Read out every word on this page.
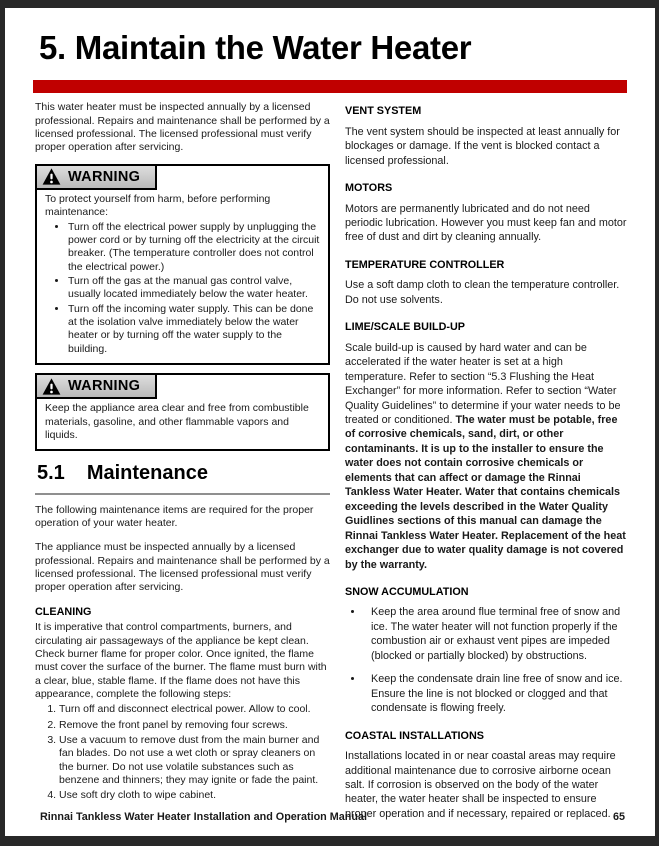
5. Maintain the Water Heater

This water heater must be inspected annually by a licensed professional. Repairs and maintenance shall be performed by a licensed professional. The licensed professional must verify proper operation after servicing.

WARNING

To protect yourself from harm, before performing maintenance:

• Turn off the electrical power supply by unplugging the power cord or by turning off the electricity at the circuit breaker. (The temperature controller does not control the electrical power.)
• Turn off the gas at the manual gas control valve, usually located immediately below the water heater.
• Turn off the incoming water supply. This can be done at the isolation valve immediately below the water heater or by turning off the water supply to the building.
WARNING

Keep the appliance area clear and free from combustible materials, gasoline, and other flammable vapors and liquids.

5.1 Maintenance

The following maintenance items are required for the proper operation of your water heater.

The appliance must be inspected annually by a licensed professional. Repairs and maintenance shall be performed by a licensed professional. The licensed professional must verify proper operation after servicing.

CLEANING

It is imperative that control compartments, burners, and circulating air passageways of the appliance be kept clean. Check burner flame for proper color. Once ignited, the flame must cover the surface of the burner. The flame must burn with a clear, blue, stable flame. If the flame does not have this appearance, complete the following steps:

1. Turn off and disconnect electrical power. Allow to cool.
2. Remove the front panel by removing four screws.
3. Use a vacuum to remove dust from the main burner and fan blades. Do not use a wet cloth or spray cleaners on the burner. Do not use volatile substances such as benzene and thinners; they may ignite or fade the paint.
4. Use soft dry cloth to wipe cabinet.

VENT SYSTEM

The vent system should be inspected at least annually for blockages or damage. If the vent is blocked contact a licensed professional.

MOTORS

Motors are permanently lubricated and do not need periodic lubrication. However you must keep fan and motor free of dust and dirt by cleaning annually.

TEMPERATURE CONTROLLER

Use a soft damp cloth to clean the temperature controller. Do not use solvents.

LIME/SCALE BUILD-UP

Scale build-up is caused by hard water and can be accelerated if the water heater is set at a high temperature. Refer to section “5.3 Flushing the Heat Exchanger” for more information. Refer to section “Water Quality Guidelines” to determine if your water needs to be treated or conditioned. The water must be potable, free of corrosive chemicals, sand, dirt, or other contaminants. It is up to the installer to ensure the water does not contain corrosive chemicals or elements that can affect or damage the Rinnai Tankless Water Heater. Water that contains chemicals exceeding the levels described in the Water Quality Guidlines sections of this manual can damage the Rinnai Tankless Water Heater. Replacement of the heat exchanger due to water quality damage is not covered by the warranty.

SNOW ACCUMULATION

• Keep the area around flue terminal free of snow and ice. The water heater will not function properly if the combustion air or exhaust vent pipes are impeded (blocked or partially blocked) by obstructions.
• Keep the condensate drain line free of snow and ice. Ensure the line is not blocked or clogged and that condensate is flowing freely.

COASTAL INSTALLATIONS

Installations located in or near coastal areas may require additional maintenance due to corrosive airborne ocean salt. If corrosion is observed on the body of the water heater, the water heater shall be inspected to ensure proper operation and if necessary, repaired or replaced.

Rinnai Tankless Water Heater Installation and Operation Manual	65
